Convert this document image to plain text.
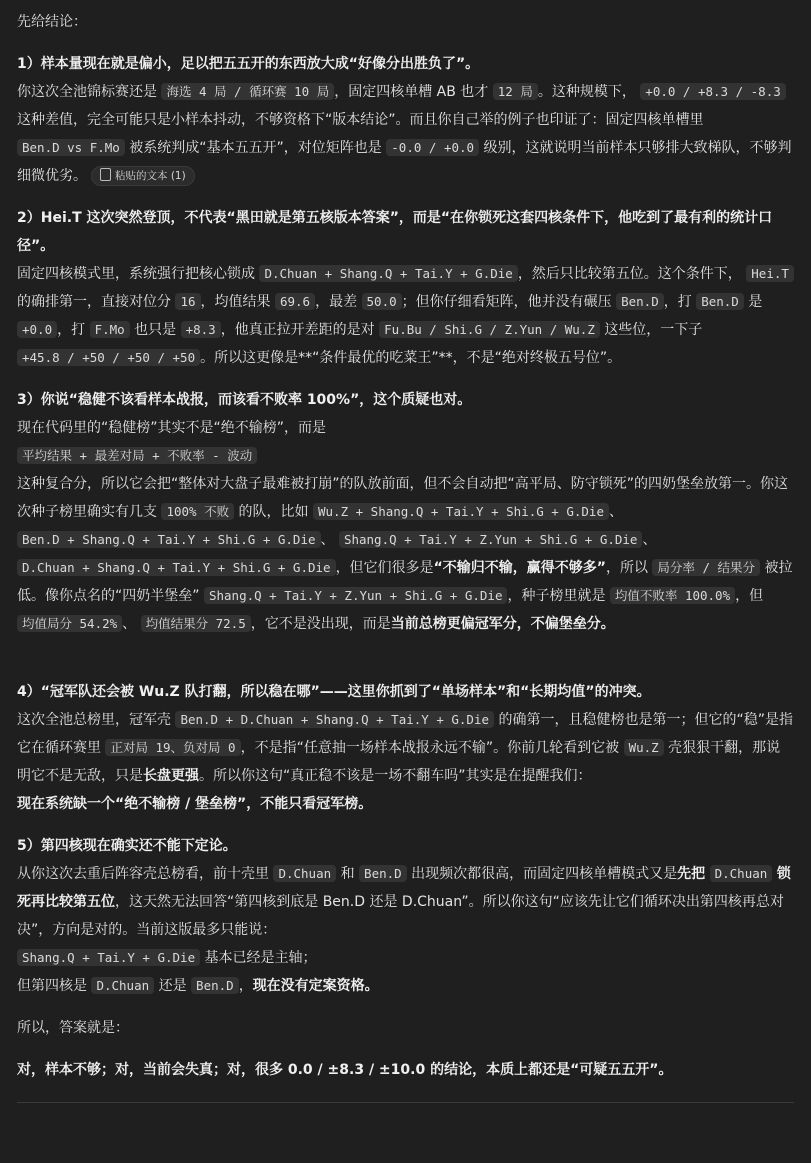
先给结论：

1）样本量现在就是偏小，足以把五五开的东西放大成“好像分出胜负了”。

你这次全池锦标赛还是 海选 4 局 / 循环赛 10 局 ，固定四核单槽 AB 也才 12 局 。这种规模下， +0.0 / +8.3 / -8.3 这种差值，完全可能只是小样本抖动，不够资格下“版本结论”。而且你自己举的例子也印证了：固定四核单槽里 Ben.D vs F.Mo 被系统判成“基本五五开”，对位矩阵也是 -0.0 / +0.0 级别，这就说明当前样本只够排大致梯队，不够判细微优劣。	粘贴的文本 (1)

2）Hei.T 这次突然登顶，不代表“黑田就是第五核版本答案”，而是“在你锁死这套四核条件下，他吃到了最有利的统计口径”。

固定四核模式里，系统强行把核心锁成 D.Chuan + Shang.Q + Tai.Y + G.Die ，然后只比较第五位。这个条件下， Hei.T 的确排第一，直接对位分 16 ，均值结果 69.6 ，最差 50.0 ；但你仔细看矩阵，他并没有碾压 Ben.D ，打 Ben.D 是 +0.0 ，打 F.Mo 也只是 +8.3 ，他真正拉开差距的是对 Fu.Bu / Shi.G / Z.Yun / Wu.Z 这些位，一下子 +45.8 / +50 / +50 / +50 。所以这更像是**“条件最优的吃菜王”**，不是“绝对终极五号位”。

3）你说“稳健不该看样本战报，而该看不败率 100%”，这个质疑也对。

现在代码里的“稳健榜”其实不是“绝不输榜”，而是

平均结果 + 最差对局 + 不败率 - 波动

这种复合分，所以它会把“整体对大盘子最难被打崩”的队放前面，但不会自动把“高平局、防守锁死”的四奶堡垒放第一。你这次种子榜里确实有几支 100% 不败 的队，比如 Wu.Z + Shang.Q + Tai.Y + Shi.G + G.Die 、 Ben.D + Shang.Q + Tai.Y + Shi.G + G.Die 、 Shang.Q + Tai.Y + Z.Yun + Shi.G + G.Die 、 D.Chuan + Shang.Q + Tai.Y + Shi.G + G.Die ，但它们很多是“不输归不输，赢得不够多”，所以 局分率 / 结果分 被拉低。像你点名的“四奶半堡垒” Shang.Q + Tai.Y + Z.Yun + Shi.G + G.Die ，种子榜里就是 均值不败率 100.0% ，但 均值局分 54.2% 、 均值结果分 72.5 ，它不是没出现，而是当前总榜更偏冠军分，不偏堡垒分。

4）“冠军队还会被 Wu.Z 队打翻，所以稳在哪”——这里你抓到了“单场样本”和“长期均值”的冲突。

这次全池总榜里，冠军壳 Ben.D + D.Chuan + Shang.Q + Tai.Y + G.Die 的确第一，且稳健榜也是第一；但它的“稳”是指它在循环赛里 正对局 19、负对局 0 ，不是指“任意抽一场样本战报永远不输”。你前几轮看到它被 Wu.Z 壳狠狠干翻，那说明它不是无敌，只是长盘更强。所以你这句“真正稳不该是一场不翻车吗”其实是在提醒我们：

现在系统缺一个“绝不输榜 / 堡垒榜”，不能只看冠军榜。

5）第四核现在确实还不能下定论。

从你这次去重后阵容壳总榜看，前十壳里 D.Chuan 和 Ben.D 出现频次都很高，而固定四核单槽模式又是先把 D.Chuan 锁死再比较第五位，这天然无法回答“第四核到底是 Ben.D 还是 D.Chuan”。所以你这句“应该先让它们循环决出第四核再总对决”，方向是对的。当前这版最多只能说：

Shang.Q + Tai.Y + G.Die 基本已经是主轴；

但第四核是 D.Chuan 还是 Ben.D ，现在没有定案资格。

所以，答案就是：

对，样本不够；对，当前会失真；对，很多 0.0 / ±8.3 / ±10.0 的结论，本质上都还是“可疑五五开”。
